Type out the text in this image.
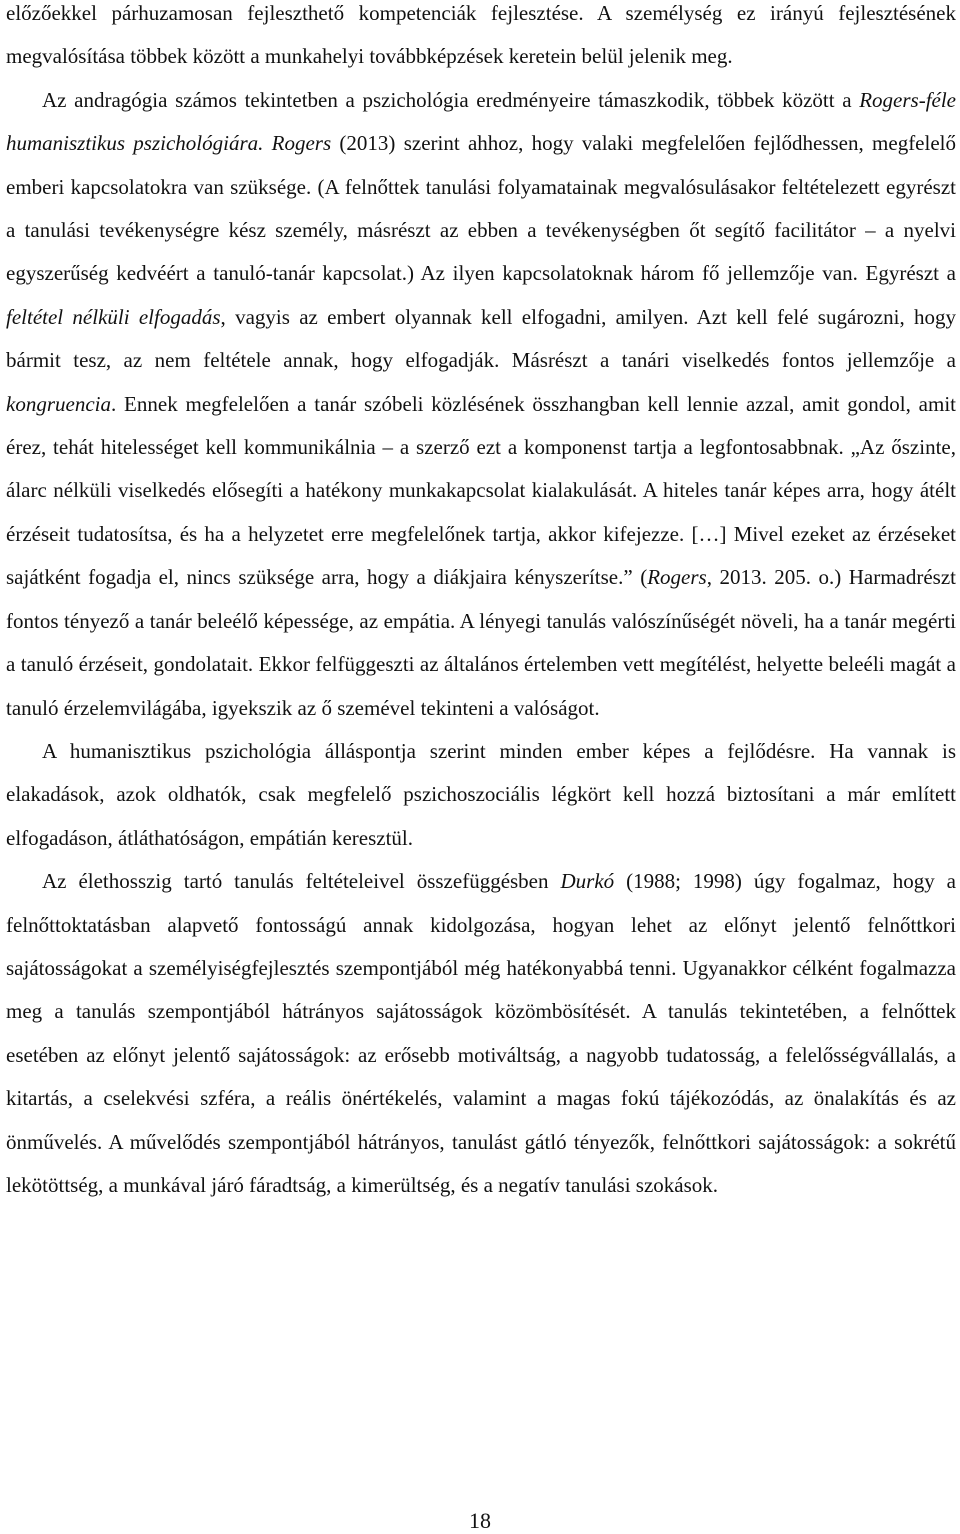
előzőekkel párhuzamosan fejleszthető kompetenciák fejlesztése. A személység ez irányú fejlesztésének megvalósítása többek között a munkahelyi továbbképzések keretein belül jelenik meg.

Az andragógia számos tekintetben a pszichológia eredményeire támaszkodik, többek között a Rogers-féle humanisztikus pszichológiára. Rogers (2013) szerint ahhoz, hogy valaki megfelelően fejlődhessen, megfelelő emberi kapcsolatokra van szüksége. (A felnőttek tanulási folyamatainak megvalósulásakor feltételezett egyrészt a tanulási tevékenységre kész személy, másrészt az ebben a tevékenységben őt segítő facilitátor – a nyelvi egyszerűség kedvéért a tanuló-tanár kapcsolat.) Az ilyen kapcsolatoknak három fő jellemzője van. Egyrészt a feltétel nélküli elfogadás, vagyis az embert olyannak kell elfogadni, amilyen. Azt kell felé sugározni, hogy bármit tesz, az nem feltétele annak, hogy elfogadják. Másrészt a tanári viselkedés fontos jellemzője a kongruencia. Ennek megfelelően a tanár szóbeli közlésének összhangban kell lennie azzal, amit gondol, amit érez, tehát hitelességet kell kommunikálnia – a szerző ezt a komponenst tartja a legfontosabbnak. „Az őszinte, álarc nélküli viselkedés elősegíti a hatékony munkakapcsolat kialakulását. A hiteles tanár képes arra, hogy átélt érzéseit tudatosítsa, és ha a helyzetet erre megfelelőnek tartja, akkor kifejezze. […] Mivel ezeket az érzéseket sajátként fogadja el, nincs szüksége arra, hogy a diákjaira kényszerítse.” (Rogers, 2013. 205. o.) Harmadrészt fontos tényező a tanár beleélő képessége, az empátia. A lényegi tanulás valószínűségét növeli, ha a tanár megérti a tanuló érzéseit, gondolatait. Ekkor felfüggeszti az általános értelemben vett megítélést, helyette beleéli magát a tanuló érzelemvilágába, igyekszik az ő szemével tekinteni a valóságot.

A humanisztikus pszichológia álláspontja szerint minden ember képes a fejlődésre. Ha vannak is elakadások, azok oldhatók, csak megfelelő pszichoszociális légkört kell hozzá biztosítani a már említett elfogadáson, átláthatóságon, empátián keresztül.

Az élethosszig tartó tanulás feltételeivel összefüggésben Durkó (1988; 1998) úgy fogalmaz, hogy a felnőttoktatásban alapvető fontosságú annak kidolgozása, hogyan lehet az előnyt jelentő felnőttkori sajátosságokat a személyiségfejlesztés szempontjából még hatékonyabbá tenni. Ugyanakkor célként fogalmazza meg a tanulás szempontjából hátrányos sajátosságok közömbösítését. A tanulás tekintetében, a felnőttek esetében az előnyt jelentő sajátosságok: az erősebb motiváltság, a nagyobb tudatosság, a felelősségvállalás, a kitartás, a cselekvési szféra, a reális önértékelés, valamint a magas fokú tájékozódás, az önalakítás és az önművelés. A művelődés szempontjából hátrányos, tanulást gátló tényezők, felnőttkori sajátosságok: a sokrétű lekötöttség, a munkával járó fáradtság, a kimerültség, és a negatív tanulási szokások.

18
